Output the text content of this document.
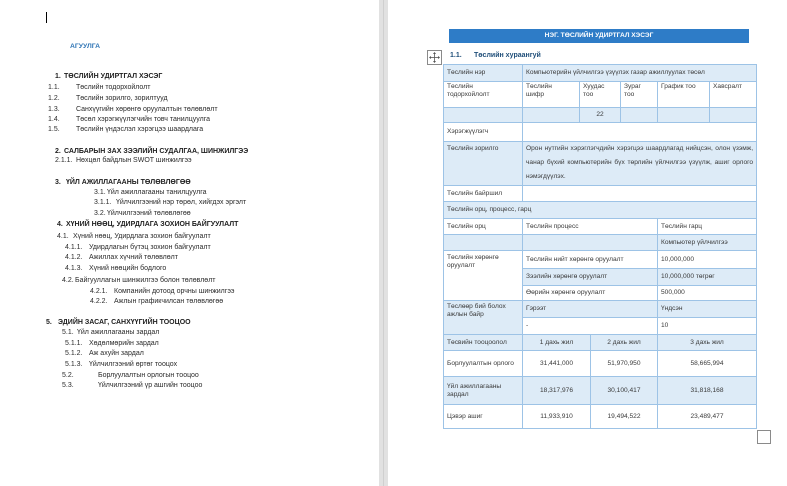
АГУУЛГА
1. ТӨСЛИЙН УДИРТГАЛ ХЭСЭГ
1.1. Төслийн тодорхойлолт
1.2. Төслийн зорилго, зорилтууд
1.3. Санхүүгийн хөрөнгө оруулалтын төлөвлөлт
1.4. Төсөл хэрэгжүүлэгчийн товч танилцуулга
1.5. Төслийн үндэслэл хэрэгцээ шаардлага
2. САЛБАРЫН ЗАХ ЗЭЭЛИЙН СУДАЛГАА, ШИНЖИЛГЭЭ
2.1.1. Нөхцөл байдлын SWOT шинжилгээ
3. ҮЙЛ АЖИЛЛАГААНЫ ТӨЛӨВЛӨГӨӨ
3.1. Үйл ажиллагааны танилцуулга
3.1.1. Үйлчилгээний нэр төрөл, хийгдэх эргэлт
3.2. Үйлчилгээний төлөвлөгөө
4. ХҮНИЙ НӨӨЦ, УДИРДЛАГА ЗОХИОН БАЙГУУЛАЛТ
4.1. Хүний нөөц, Удирдлага зохион байгуулалт
4.1.1. Удирдлагын бүтэц зохион байгуулалт
4.1.2. Ажиллах хүчний төлөвлөлт
4.1.3. Хүний нөөцийн бодлого
4.2. Байгууллагын шинжилгээ болон төлөвлөлт
4.2.1. Компанийн дотоод орчны шинжилгээ
4.2.2. Ажлын графикчилсан төлөвлөгөө
5. ЭДИЙН ЗАСАГ, САНХҮҮГИЙН ТООЦОО
5.1. Үйл ажиллагааны зардал
5.1.1. Хөдөлмөрийн зардал
5.1.2. Аж ахуйн зардал
5.1.3. Үйлчилгээний өртөг тооцох
5.2.	Борлуулалтын орлогын тооцоо
5.3.	Үйлчилгээний үр ашгийн тооцоо
НЭГ. ТӨСЛИЙН УДИРТГАЛ ХЭСЭГ
1.1. Төслийн хураангуй
Төслийн нэр	Компьютерийн үйлчилгээ үзүүлэх газар ажиллуулах төсөл					

Төслийн тодорхойлолт	Төслийн шифр	Хуудас тоо		Зураг тоо	График тоо	Хавсралт
		22				
Хэрэгжүүлэгч						
Төслийн зорилго	Орон нутгийн хэрэглэгчдийн хэрэгцээ шаардлагад нийцсэн, олон үзэмж, чанар бүхий компьютерийн бүх төрлийн үйлчилгээ үзүүлж, ашиг орлого нэмэгдүүлэх.					
Төслийн байршил						
Төслийн орц, процесс, гарц						
Төслийн орц	Төслийн процесс				Төслийн гарц	
					Компьютер үйлчилгээ	
Төслийн хөрөнгө оруулалт	Төслийн нийт хөрөнгө оруулалт				10,000,000	
	Зээлийн хөрөнгө оруулалт				10,000,000 төгрөг	
	Өөрийн хөрөнгө оруулалт				500,000	
Төслөөр бий болох ажлын байр	Гэрээт				Үндсэн	
	-				10	
Төсвийн тооцоолол	1 дахь жил		2 дахь жил		3 дахь жил	
Борлуулалтын орлого	31,441,000		51,970,950		58,665,994	
Үйл ажиллагааны зардал	18,317,976		30,100,417		31,818,168	
Цэвэр ашиг	11,933,910		19,494,522		23,489,477	
